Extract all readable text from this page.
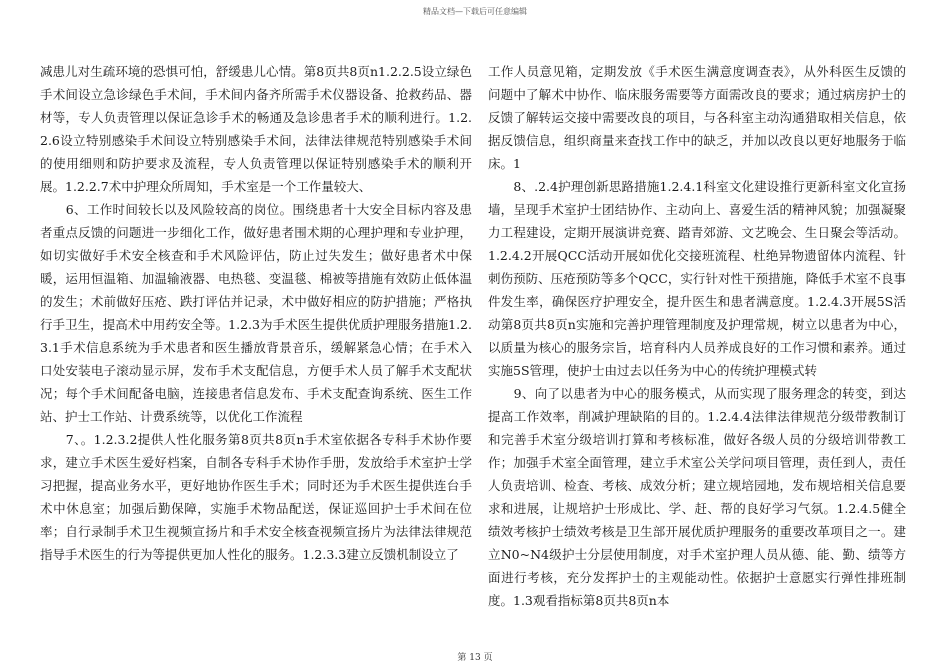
精品文档—下载后可任意编辑

减患儿对生疏环境的恐惧可怕，舒缓患儿心情。第8页共8页n1.2.2.5设立绿色手术间设立急诊绿色手术间，手术间内备齐所需手术仪器设备、抢救药品、器材等，专人负责管理以保证急诊手术的畅通及急诊患者手术的顺利进行。1.2.2.6设立特别感染手术间设立特别感染手术间，法律法律规范特别感染手术间的使用细则和防护要求及流程，专人负责管理以保证特别感染手术的顺利开展。1.2.2.7术中护理众所周知，手术室是一个工作量较大、

　　6、工作时间较长以及风险较高的岗位。围绕患者十大安全目标内容及患者重点反馈的问题进一步细化工作，做好患者围术期的心理护理和专业护理，如切实做好手术安全核查和手术风险评估，防止过失发生；做好患者术中保暖，运用恒温箱、加温输液器、电热毯、变温毯、棉被等措施有效防止低体温的发生；术前做好压疮、跌打评估并记录，术中做好相应的防护措施；严格执行手卫生，提高术中用药安全等。1.2.3为手术医生提供优质护理服务措施1.2.3.1手术信息系统为手术患者和医生播放背景音乐，缓解紧急心情；在手术入口处安装电子滚动显示屏，发布手术支配信息，方便手术人员了解手术支配状况；每个手术间配备电脑，连接患者信息发布、手术支配查询系统、医生工作站、护士工作站、计费系统等，以优化工作流程

　　7、。1.2.3.2提供人性化服务第8页共8页n手术室依据各专科手术协作要求，建立手术医生爱好档案，自制各专科手术协作手册，发放给手术室护士学习把握，提高业务水平，更好地协作医生手术；同时还为手术医生提供连台手术中休息室；加强后勤保障，实施手术物品配送，保证巡回护士手术间在位率；自行录制手术卫生视频宣扬片和手术安全核查视频宣扬片为法律法律规范指导手术医生的行为等提供更加人性化的服务。1.2.3.3建立反馈机制设立了

工作人员意见箱，定期发放《手术医生满意度调查表》，从外科医生反馈的问题中了解术中协作、临床服务需要等方面需改良的要求；通过病房护士的反馈了解转运交接中需要改良的项目，与各科室主动沟通猎取相关信息，依据反馈信息，组织商量来查找工作中的缺乏，并加以改良以更好地服务于临床。1

　　8、.2.4护理创新思路措施1.2.4.1科室文化建设推行更新科室文化宣扬墙，呈现手术室护士团结协作、主动向上、喜爱生活的精神风貌；加强凝聚力工程建设，定期开展演讲竞赛、踏青郊游、文艺晚会、生日聚会等活动。1.2.4.2开展QCC活动开展如优化交接班流程、杜绝异物遗留体内流程、针刺伤预防、压疮预防等多个QCC，实行针对性干预措施，降低手术室不良事件发生率，确保医疗护理安全，提升医生和患者满意度。1.2.4.3开展5S活动第8页共8页n实施和完善护理管理制度及护理常规，树立以患者为中心，以质量为核心的服务宗旨，培育科内人员养成良好的工作习惯和素养。通过实施5S管理，使护士由过去以任务为中心的传统护理模式转

　　9、向了以患者为中心的服务模式，从而实现了服务理念的转变，到达提高工作效率，削减护理缺陷的目的。1.2.4.4法律法律规范分级带教制订和完善手术室分级培训打算和考核标准，做好各级人员的分级培训带教工作；加强手术室全面管理，建立手术室公关学问项目管理，责任到人，责任人负责培训、检查、考核、成效分析；建立规培园地，发布规培相关信息要求和进展，让规培护士形成比、学、赶、帮的良好学习气氛。1.2.4.5健全绩效考核护士绩效考核是卫生部开展优质护理服务的重要改革项目之一。建立N0~N4级护士分层使用制度，对手术室护理人员从德、能、勤、绩等方面进行考核，充分发挥护士的主观能动性。依据护士意愿实行弹性排班制度。1.3观看指标第8页共8页n本

第 13 页
